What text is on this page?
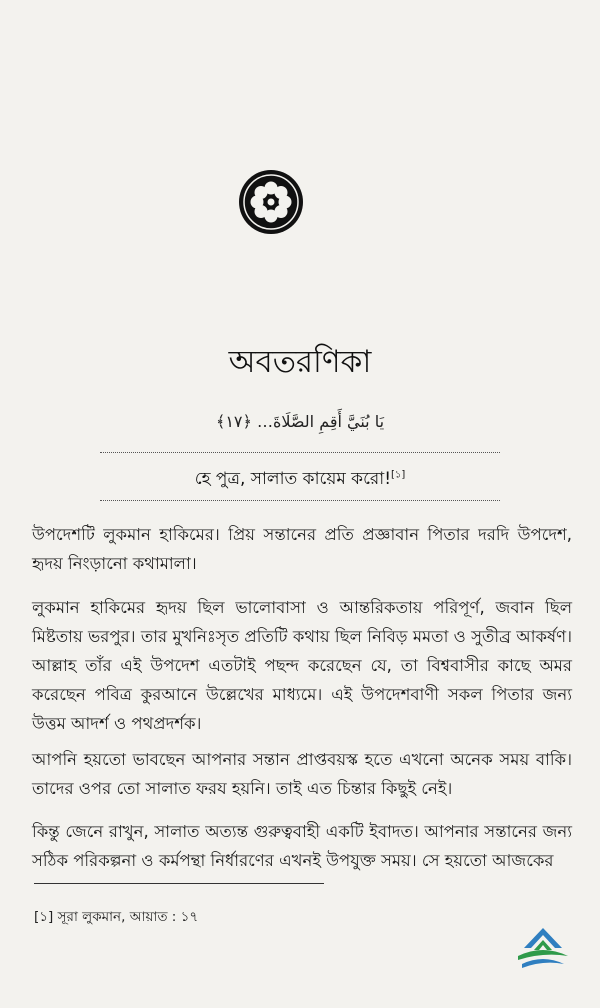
অবতরণিকা
يَا بُنَيَّ أَقِمِ الصَّلَاةَ… ﴿١٧﴾
হে পুত্র, সালাত কায়েম করো![১]
উপদেশটি লুকমান হাকিমের। প্রিয় সন্তানের প্রতি প্রজ্ঞাবান পিতার দরদি উপদেশ, হৃদয় নিংড়ানো কথামালা।
লুকমান হাকিমের হৃদয় ছিল ভালোবাসা ও আন্তরিকতায় পরিপূর্ণ, জবান ছিল মিষ্টতায় ভরপুর। তার মুখনিঃসৃত প্রতিটি কথায় ছিল নিবিড় মমতা ও সুতীব্র আকর্ষণ। আল্লাহ তাঁর এই উপদেশ এতটাই পছন্দ করেছেন যে, তা বিশ্ববাসীর কাছে অমর করেছেন পবিত্র কুরআনে উল্লেখের মাধ্যমে। এই উপদেশবাণী সকল পিতার জন্য উত্তম আদর্শ ও পথপ্রদর্শক।
আপনি হয়তো ভাবছেন আপনার সন্তান প্রাপ্তবয়স্ক হতে এখনো অনেক সময় বাকি। তাদের ওপর তো সালাত ফরয হয়নি। তাই এত চিন্তার কিছুই নেই।
কিন্তু জেনে রাখুন, সালাত অত্যন্ত গুরুত্ববাহী একটি ইবাদত। আপনার সন্তানের জন্য সঠিক পরিকল্পনা ও কর্মপন্থা নির্ধারণের এখনই উপযুক্ত সময়। সে হয়তো আজকের
[১] সূরা লুকমান, আয়াত : ১৭
